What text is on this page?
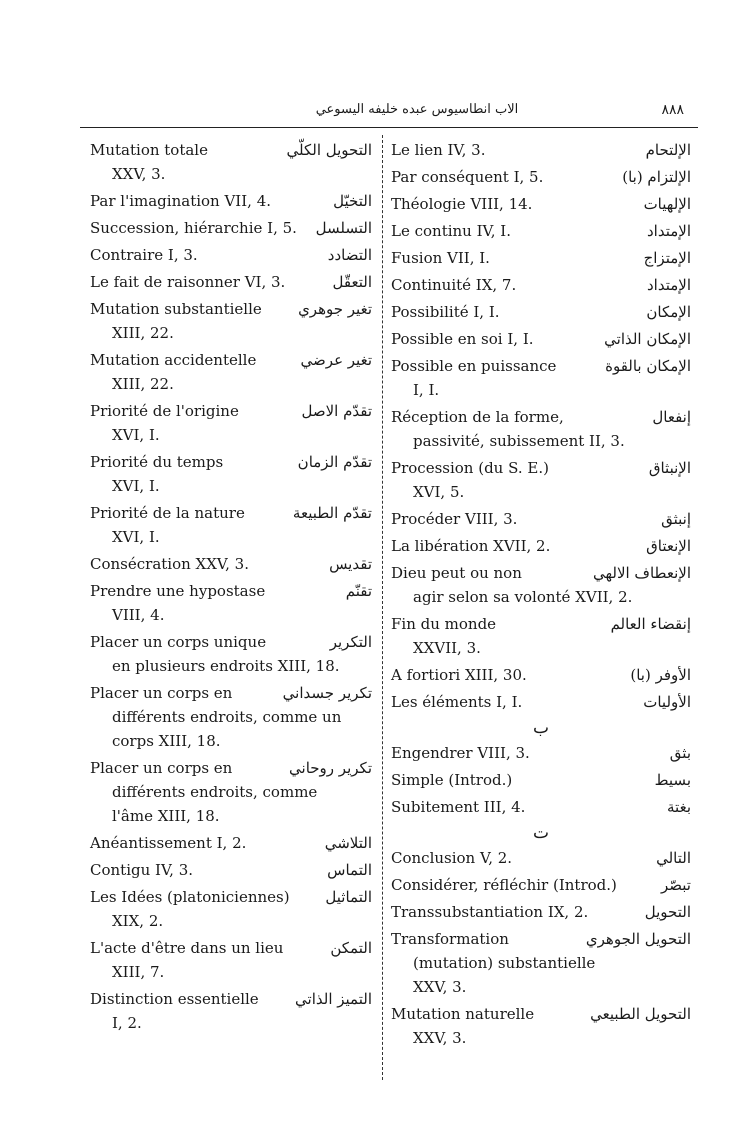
الاب انطاسيوس عبده خليفه اليسوعي	٨٨٨
التحويل الكلّي
Mutation totale
XXV, 3.
التخيّل
Par l'imagination VII, 4.
التسلسل
Succession, hiérarchie I, 5.
التضادد
Contraire I, 3.
التعقّل
Le fait de raisonner VI, 3.
تغير جوهري
Mutation substantielle
XIII, 22.
تغير عرضي
Mutation accidentelle
XIII, 22.
تقدّم الاصل
Priorité de l'origine
XVI, I.
تقدّم الزمان
Priorité du temps
XVI, I.
تقدّم الطبيعة
Priorité de la nature
XVI, I.
تقديس
Consécration XXV, 3.
تقنّم
Prendre une hypostase
VIII, 4.
التكرير
Placer un corps unique
en plusieurs endroits XIII, 18.
تكرير جسداني
Placer un corps en
différents endroits, comme un
corps XIII, 18.
تكرير روحاني
Placer un corps en
différents endroits, comme
l'âme XIII, 18.
التلاشي
Anéantissement I, 2.
التماس
Contigu IV, 3.
التماثيل
Les Idées (platoniciennes)
XIX, 2.
التمكن
L'acte d'être dans un lieu
XIII, 7.
التميز الذاتي
Distinction essentielle
I, 2.
الإلتحام
Le lien IV, 3.
الإلتزام (با)
Par conséquent I, 5.
الإلهيات
Théologie VIII, 14.
الإمتداد
Le continu IV, I.
الإمتزاج
Fusion VII, I.
الإمتداد
Continuité IX, 7.
الإمكان
Possibilité I, I.
الإمكان الذاتي
Possible en soi I, I.
الإمكان بالقوة
Possible en puissance
I, I.
إنفعال
Réception de la forme,
passivité, subissement II, 3.
الإنبثاق
Procession (du S. E.)
XVI, 5.
إنبثق
Procéder VIII, 3.
الإنعتاق
La libération XVII, 2.
الإنعطاف الالهي
Dieu peut ou non
agir selon sa volonté XVII, 2.
إنقضاء العالم
Fin du monde
XXVII, 3.
الأوفر (با)
A fortiori XIII, 30.
الأوليات
Les éléments I, I.
ب
بثق
Engendrer VIII, 3.
بسيط
Simple (Introd.)
بغتة
Subitement III, 4.
ت
التالي
Conclusion V, 2.
تبصّر
Considérer, réfléchir (Introd.)
التحويل
Transsubstantiation IX, 2.
التحويل الجوهري
Transformation
(mutation) substantielle
XXV, 3.
التحويل الطبيعي
Mutation naturelle
XXV, 3.
